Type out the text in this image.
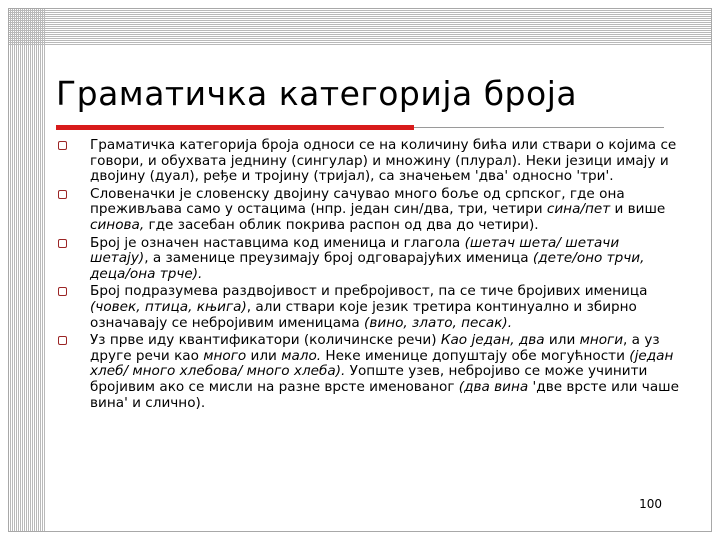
Граматичка категорија броја
Граматичка категорија броја односи се на количину бића или ствари о којима се говори, и обухвата једнину (сингулар) и множину (плурал). Неки језици имају и двојину (дуал), ређе и тројину (тријал), са значењем 'два' односно 'три'.
Словеначки је словенску двојину сачувао много боље од српског, где она преживљава само у остацима (нпр. један син/два, три, четири сина/пет и више синова, где засебан облик покрива распон од два до четири).
Број је означен наставцима код именица и глагола (шетач шета/ шетачи шетају), а заменице преузимају број одговарајућих именица (дете/оно трчи, деца/она трче).
Број подразумева раздвојивост и пребројивост, па се тиче бројивих именица (човек, птица, књига), али ствари које језик третира континуално и збирно означавају се небројивим именицама (вино, злато, песак).
Уз прве иду квантификатори (количинске речи) Као један, два или многи, а уз друге речи као много или мало. Неке именице допуштају обе могућности (један хлеб/ много хлебова/ много хлеба). Уопште узев, небројиво се може учинити бројивим ако се мисли на разне врсте именованог (два вина 'две врсте или чаше вина' и слично).
100
